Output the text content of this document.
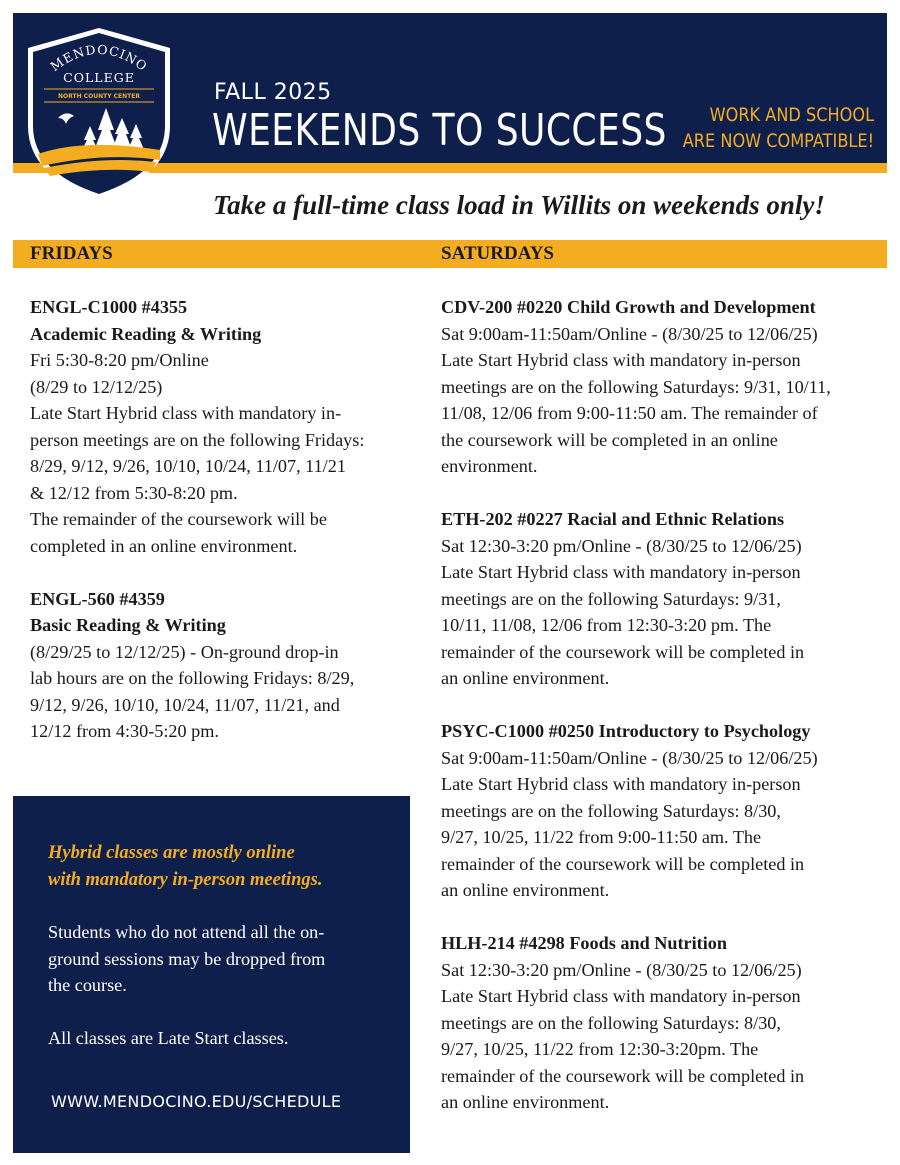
MENDOCINO
COLLEGE
NORTH COUNTY CENTER	FALL 2025
WEEKENDS TO SUCCESS	WORK AND SCHOOL
ARE NOW COMPATIBLE!
Take a full-time class load in Willits on weekends only!
FRIDAYS	SATURDAYS
ENGL-C1000 #4355
Academic Reading & Writing
Fri 5:30-8:20 pm/Online
(8/29 to 12/12/25)
Late Start Hybrid class with mandatory in-
person meetings are on the following Fridays:
8/29, 9/12, 9/26, 10/10, 10/24, 11/07, 11/21
& 12/12 from 5:30-8:20 pm.
The remainder of the coursework will be
completed in an online environment.
ENGL-560 #4359
Basic Reading & Writing
(8/29/25 to 12/12/25) - On-ground drop-in
lab hours are on the following Fridays: 8/29,
9/12, 9/26, 10/10, 10/24, 11/07, 11/21, and
12/12 from 4:30-5:20 pm.
CDV-200 #0220 Child Growth and Development
Sat 9:00am-11:50am/Online - (8/30/25 to 12/06/25)
Late Start Hybrid class with mandatory in-person
meetings are on the following Saturdays: 9/31, 10/11,
11/08, 12/06 from 9:00-11:50 am. The remainder of
the coursework will be completed in an online
environment.
ETH-202 #0227 Racial and Ethnic Relations
Sat 12:30-3:20 pm/Online - (8/30/25 to 12/06/25)
Late Start Hybrid class with mandatory in-person
meetings are on the following Saturdays: 9/31,
10/11, 11/08, 12/06 from 12:30-3:20 pm. The
remainder of the coursework will be completed in
an online environment.
PSYC-C1000 #0250 Introductory to Psychology
Sat 9:00am-11:50am/Online - (8/30/25 to 12/06/25)
Late Start Hybrid class with mandatory in-person
meetings are on the following Saturdays: 8/30,
9/27, 10/25, 11/22 from 9:00-11:50 am. The
remainder of the coursework will be completed in
an online environment.
HLH-214 #4298 Foods and Nutrition
Sat 12:30-3:20 pm/Online - (8/30/25 to 12/06/25)
Late Start Hybrid class with mandatory in-person
meetings are on the following Saturdays: 8/30,
9/27, 10/25, 11/22 from 12:30-3:20pm. The
remainder of the coursework will be completed in
an online environment.
Hybrid classes are mostly online
with mandatory in-person meetings.
Students who do not attend all the on-
ground sessions may be dropped from
the course.
All classes are Late Start classes.
WWW.MENDOCINO.EDU/SCHEDULE
